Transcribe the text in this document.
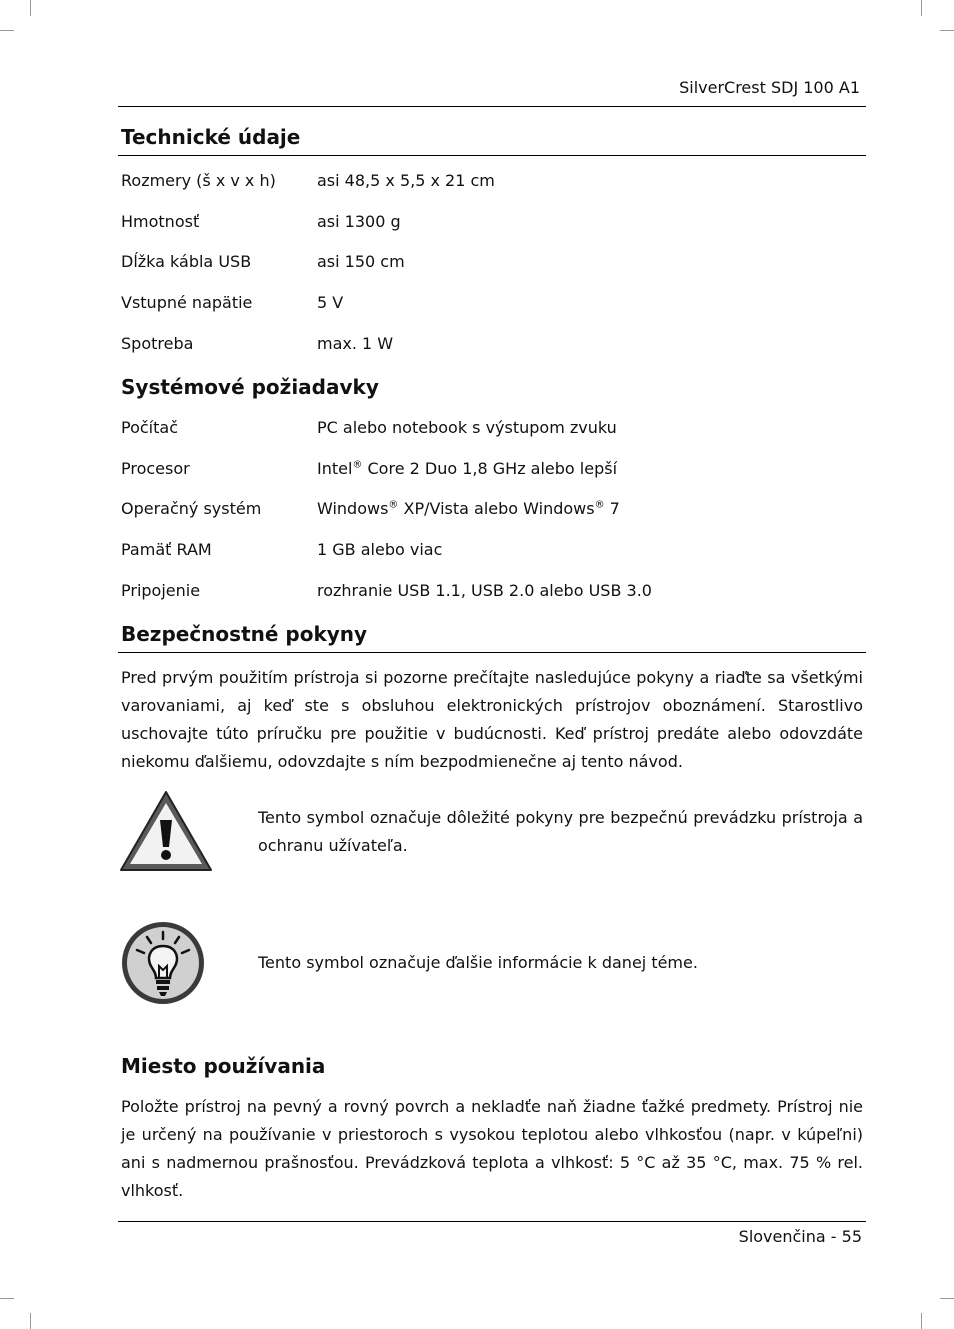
SilverCrest SDJ 100 A1
Technické údaje
Rozmery (š x v x h)	asi 48,5 x 5,5 x 21 cm
Hmotnosť	asi 1300 g
Dĺžka kábla USB	asi 150 cm
Vstupné napätie	5 V
Spotreba	max. 1 W
Systémové požiadavky
Počítač	PC alebo notebook s výstupom zvuku
Procesor	Intel® Core 2 Duo 1,8 GHz alebo lepší
Operačný systém	Windows® XP/Vista alebo Windows® 7
Pamäť RAM	1 GB alebo viac
Pripojenie	rozhranie USB 1.1, USB 2.0 alebo USB 3.0
Bezpečnostné pokyny

Pred prvým použitím prístroja si pozorne prečítajte nasledujúce pokyny a riaďte sa všetkými varovaniami, aj keď ste s obsluhou elektronických prístrojov oboznámení. Starostlivo uschovajte túto príručku pre použitie v budúcnosti. Keď prístroj predáte alebo odovzdáte niekomu ďalšiemu, odovzdajte s ním bezpodmienečne aj tento návod.

Tento symbol označuje dôležité pokyny pre bezpečnú prevádzku prístroja a ochranu užívateľa.

Tento symbol označuje ďalšie informácie k danej téme.

Miesto používania

Položte prístroj na pevný a rovný povrch a nekladťe naň žiadne ťažké predmety. Prístroj nie je určený na používanie v priestoroch s vysokou teplotou alebo vlhkosťou (napr. v kúpeľni) ani s nadmernou prašnosťou. Prevádzková teplota a vlhkosť: 5 °C až 35 °C, max. 75 % rel. vlhkosť.

Slovenčina - 55
